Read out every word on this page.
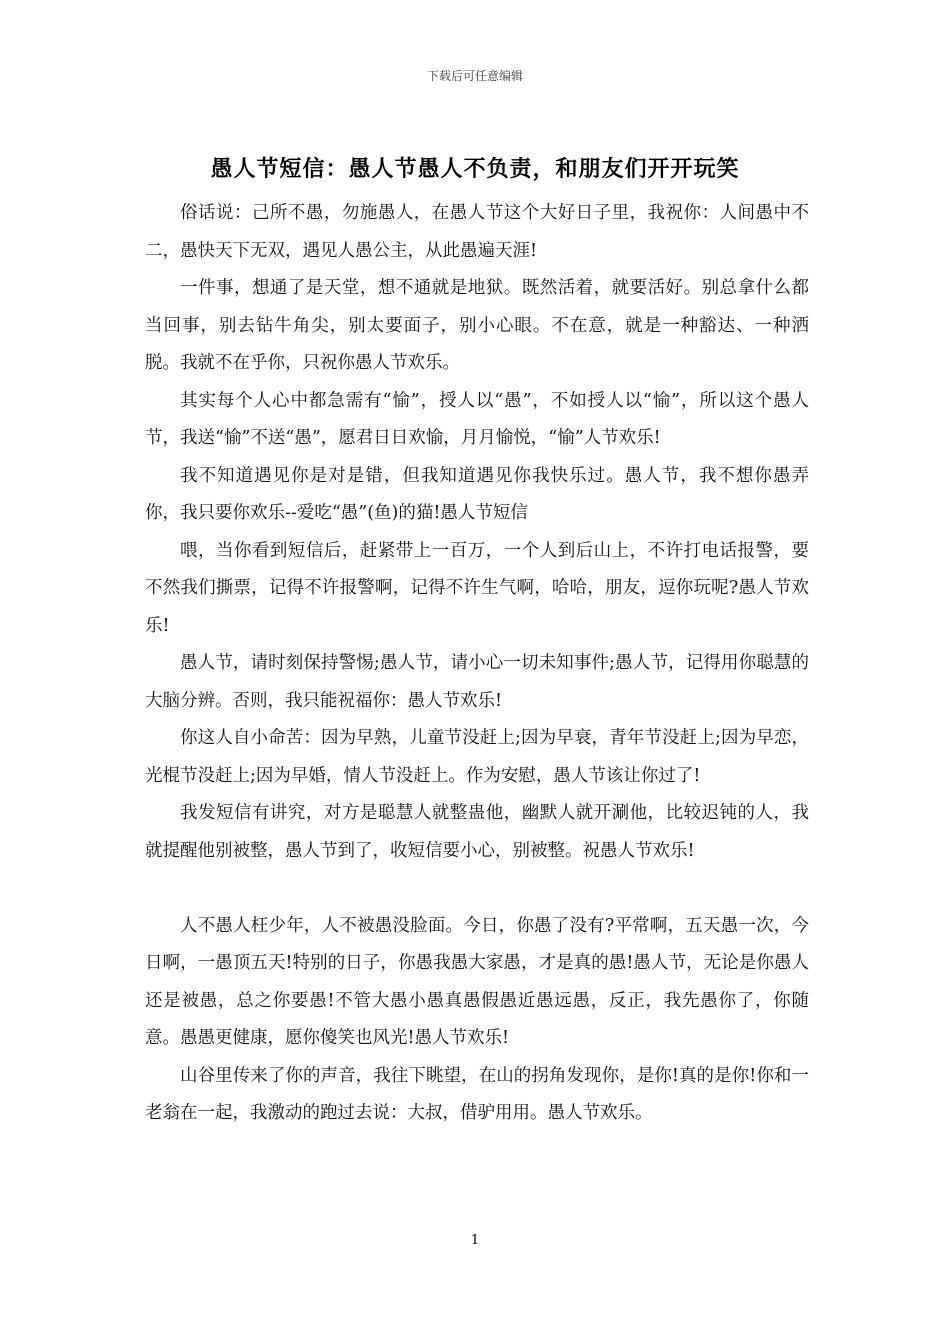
下载后可任意编辑
愚人节短信：愚人节愚人不负责，和朋友们开开玩笑

俗话说：己所不愚，勿施愚人，在愚人节这个大好日子里，我祝你：人间愚中不二，愚快天下无双，遇见人愚公主，从此愚遍天涯!

一件事，想通了是天堂，想不通就是地狱。既然活着，就要活好。别总拿什么都当回事，别去钻牛角尖，别太要面子，别小心眼。不在意，就是一种豁达、一种洒脱。我就不在乎你，只祝你愚人节欢乐。

其实每个人心中都急需有“愉”，授人以“愚”，不如授人以“愉”，所以这个愚人节，我送“愉”不送“愚”，愿君日日欢愉，月月愉悦，“愉”人节欢乐!

我不知道遇见你是对是错，但我知道遇见你我快乐过。愚人节，我不想你愚弄你，我只要你欢乐--爱吃“愚”(鱼)的猫!愚人节短信

喂，当你看到短信后，赶紧带上一百万，一个人到后山上，不许打电话报警，要不然我们撕票，记得不许报警啊，记得不许生气啊，哈哈，朋友，逗你玩呢?愚人节欢乐!

愚人节，请时刻保持警惕;愚人节，请小心一切未知事件;愚人节，记得用你聪慧的大脑分辨。否则，我只能祝福你：愚人节欢乐!

你这人自小命苦：因为早熟，儿童节没赶上;因为早衰，青年节没赶上;因为早恋，光棍节没赶上;因为早婚，情人节没赶上。作为安慰，愚人节该让你过了!

我发短信有讲究，对方是聪慧人就整蛊他，幽默人就开涮他，比较迟钝的人，我就提醒他别被整，愚人节到了，收短信要小心，别被整。祝愚人节欢乐!

人不愚人枉少年，人不被愚没脸面。今日，你愚了没有?平常啊，五天愚一次，今日啊，一愚顶五天!特别的日子，你愚我愚大家愚，才是真的愚!愚人节，无论是你愚人还是被愚，总之你要愚!不管大愚小愚真愚假愚近愚远愚，反正，我先愚你了，你随意。愚愚更健康，愿你傻笑也风光!愚人节欢乐!

山谷里传来了你的声音，我往下眺望，在山的拐角发现你，是你!真的是你!你和一老翁在一起，我激动的跑过去说：大叔，借驴用用。愚人节欢乐。

1
